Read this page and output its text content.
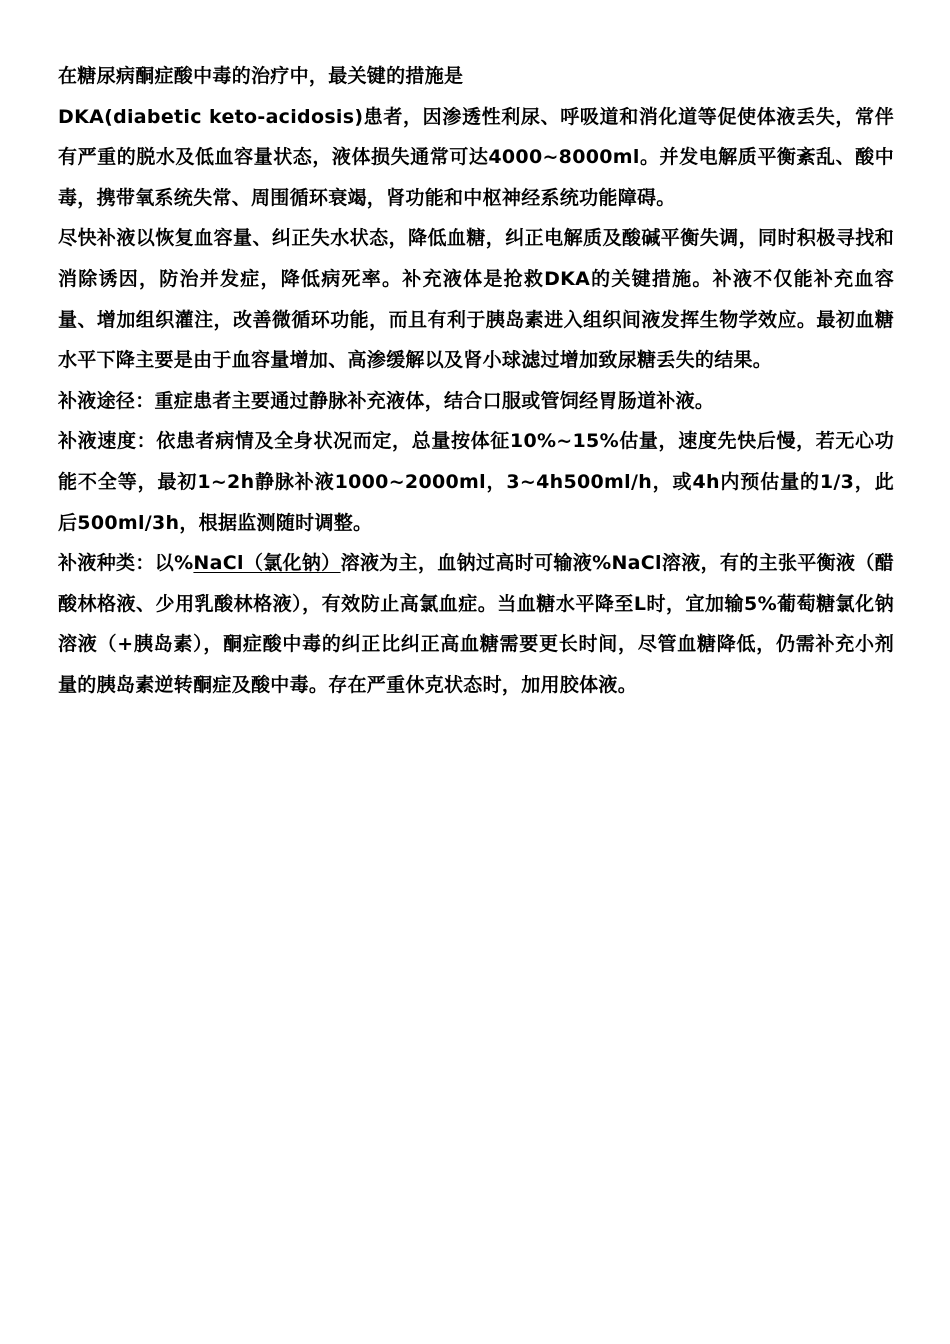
在糖尿病酮症酸中毒的治疗中，最关键的措施是

DKA(diabetic keto-acidosis)患者，因渗透性利尿、呼吸道和消化道等促使体液丢失，常伴有严重的脱水及低血容量状态，液体损失通常可达4000~8000ml。并发电解质平衡紊乱、酸中毒，携带氧系统失常、周围循环衰竭，肾功能和中枢神经系统功能障碍。

尽快补液以恢复血容量、纠正失水状态，降低血糖，纠正电解质及酸碱平衡失调，同时积极寻找和消除诱因，防治并发症，降低病死率。补充液体是抢救DKA的关键措施。补液不仅能补充血容量、增加组织灌注，改善微循环功能，而且有利于胰岛素进入组织间液发挥生物学效应。最初血糖水平下降主要是由于血容量增加、高渗缓解以及肾小球滤过增加致尿糖丢失的结果。

补液途径：重症患者主要通过静脉补充液体，结合口服或管饲经胃肠道补液。

补液速度：依患者病情及全身状况而定，总量按体征10%~15%估量，速度先快后慢，若无心功能不全等，最初1~2h静脉补液1000~2000ml，3~4h500ml/h，或4h内预估量的1/3，此后500ml/3h，根据监测随时调整。

补液种类：以%NaCl（氯化钠）溶液为主，血钠过高时可输液%NaCl溶液，有的主张平衡液（醋酸林格液、少用乳酸林格液），有效防止高氯血症。当血糖水平降至L时，宜加输5%葡萄糖氯化钠溶液（+胰岛素），酮症酸中毒的纠正比纠正高血糖需要更长时间，尽管血糖降低，仍需补充小剂量的胰岛素逆转酮症及酸中毒。存在严重休克状态时，加用胶体液。
